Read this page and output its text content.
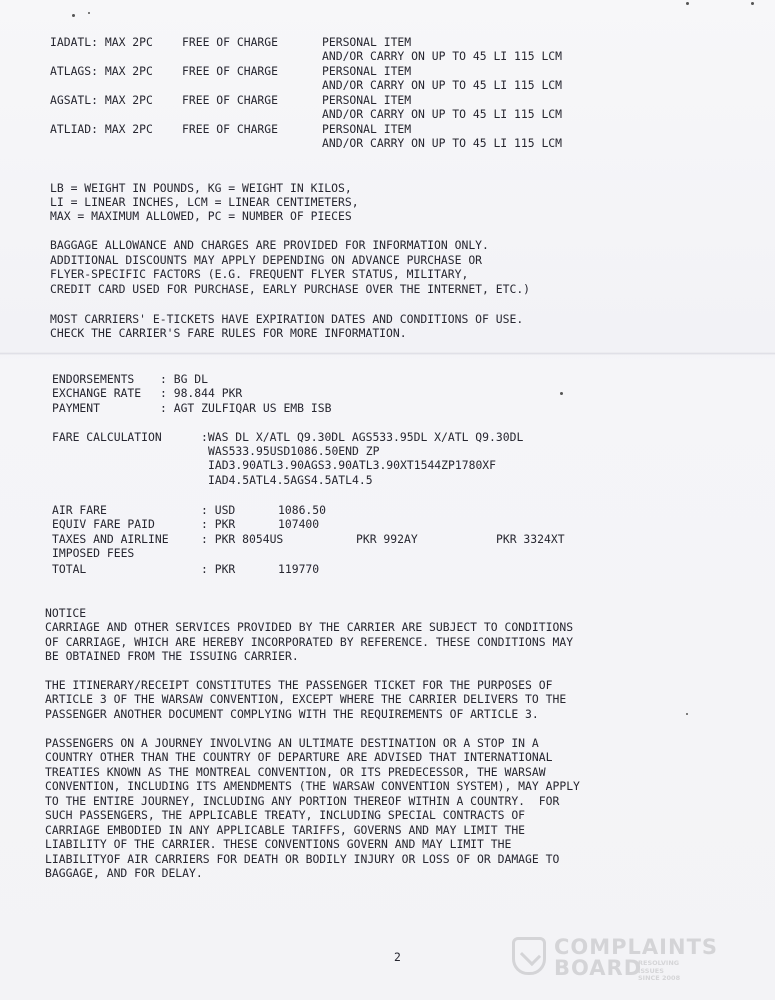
IADATL: MAX 2PC	FREE OF CHARGE	PERSONAL ITEM
AND/OR CARRY ON UP TO 45 LI 115 LCM
ATLAGS: MAX 2PC	FREE OF CHARGE	PERSONAL ITEM
AND/OR CARRY ON UP TO 45 LI 115 LCM
AGSATL: MAX 2PC	FREE OF CHARGE	PERSONAL ITEM
AND/OR CARRY ON UP TO 45 LI 115 LCM
ATLIAD: MAX 2PC	FREE OF CHARGE	PERSONAL ITEM
AND/OR CARRY ON UP TO 45 LI 115 LCM
LB = WEIGHT IN POUNDS, KG = WEIGHT IN KILOS,
LI = LINEAR INCHES, LCM = LINEAR CENTIMETERS,
MAX = MAXIMUM ALLOWED, PC = NUMBER OF PIECES
BAGGAGE ALLOWANCE AND CHARGES ARE PROVIDED FOR INFORMATION ONLY.
ADDITIONAL DISCOUNTS MAY APPLY DEPENDING ON ADVANCE PURCHASE OR
FLYER-SPECIFIC FACTORS (E.G. FREQUENT FLYER STATUS, MILITARY,
CREDIT CARD USED FOR PURCHASE, EARLY PURCHASE OVER THE INTERNET, ETC.)
MOST CARRIERS' E-TICKETS HAVE EXPIRATION DATES AND CONDITIONS OF USE.
CHECK THE CARRIER'S FARE RULES FOR MORE INFORMATION.
ENDORSEMENTS : BG DL
EXCHANGE RATE : 98.844 PKR
PAYMENT	: AGT ZULFIQAR US EMB ISB
FARE CALCULATION	:WAS DL X/ATL Q9.30DL AGS533.95DL X/ATL Q9.30DL
WAS533.95USD1086.50END ZP
IAD3.90ATL3.90AGS3.90ATL3.90XT1544ZP1780XF
IAD4.5ATL4.5AGS4.5ATL4.5
AIR FARE	: USD	1086.50
EQUIV FARE PAID	: PKR	107400
TAXES AND AIRLINE	: PKR 8054US	PKR 992AY	PKR 3324XT
IMPOSED FEES
TOTAL	: PKR	119770
NOTICE
CARRIAGE AND OTHER SERVICES PROVIDED BY THE CARRIER ARE SUBJECT TO CONDITIONS
OF CARRIAGE, WHICH ARE HEREBY INCORPORATED BY REFERENCE. THESE CONDITIONS MAY
BE OBTAINED FROM THE ISSUING CARRIER.
THE ITINERARY/RECEIPT CONSTITUTES THE PASSENGER TICKET FOR THE PURPOSES OF
ARTICLE 3 OF THE WARSAW CONVENTION, EXCEPT WHERE THE CARRIER DELIVERS TO THE
PASSENGER ANOTHER DOCUMENT COMPLYING WITH THE REQUIREMENTS OF ARTICLE 3.
PASSENGERS ON A JOURNEY INVOLVING AN ULTIMATE DESTINATION OR A STOP IN A
COUNTRY OTHER THAN THE COUNTRY OF DEPARTURE ARE ADVISED THAT INTERNATIONAL
TREATIES KNOWN AS THE MONTREAL CONVENTION, OR ITS PREDECESSOR, THE WARSAW
CONVENTION, INCLUDING ITS AMENDMENTS (THE WARSAW CONVENTION SYSTEM), MAY APPLY
TO THE ENTIRE JOURNEY, INCLUDING ANY PORTION THEREOF WITHIN A COUNTRY.  FOR
SUCH PASSENGERS, THE APPLICABLE TREATY, INCLUDING SPECIAL CONTRACTS OF
CARRIAGE EMBODIED IN ANY APPLICABLE TARIFFS, GOVERNS AND MAY LIMIT THE
LIABILITY OF THE CARRIER. THESE CONVENTIONS GOVERN AND MAY LIMIT THE
LIABILITYOF AIR CARRIERS FOR DEATH OR BODILY INJURY OR LOSS OF OR DAMAGE TO
BAGGAGE, AND FOR DELAY.
2	COMPLAINTS
BOARD
RESOLVING
ISSUES
SINCE 2008
